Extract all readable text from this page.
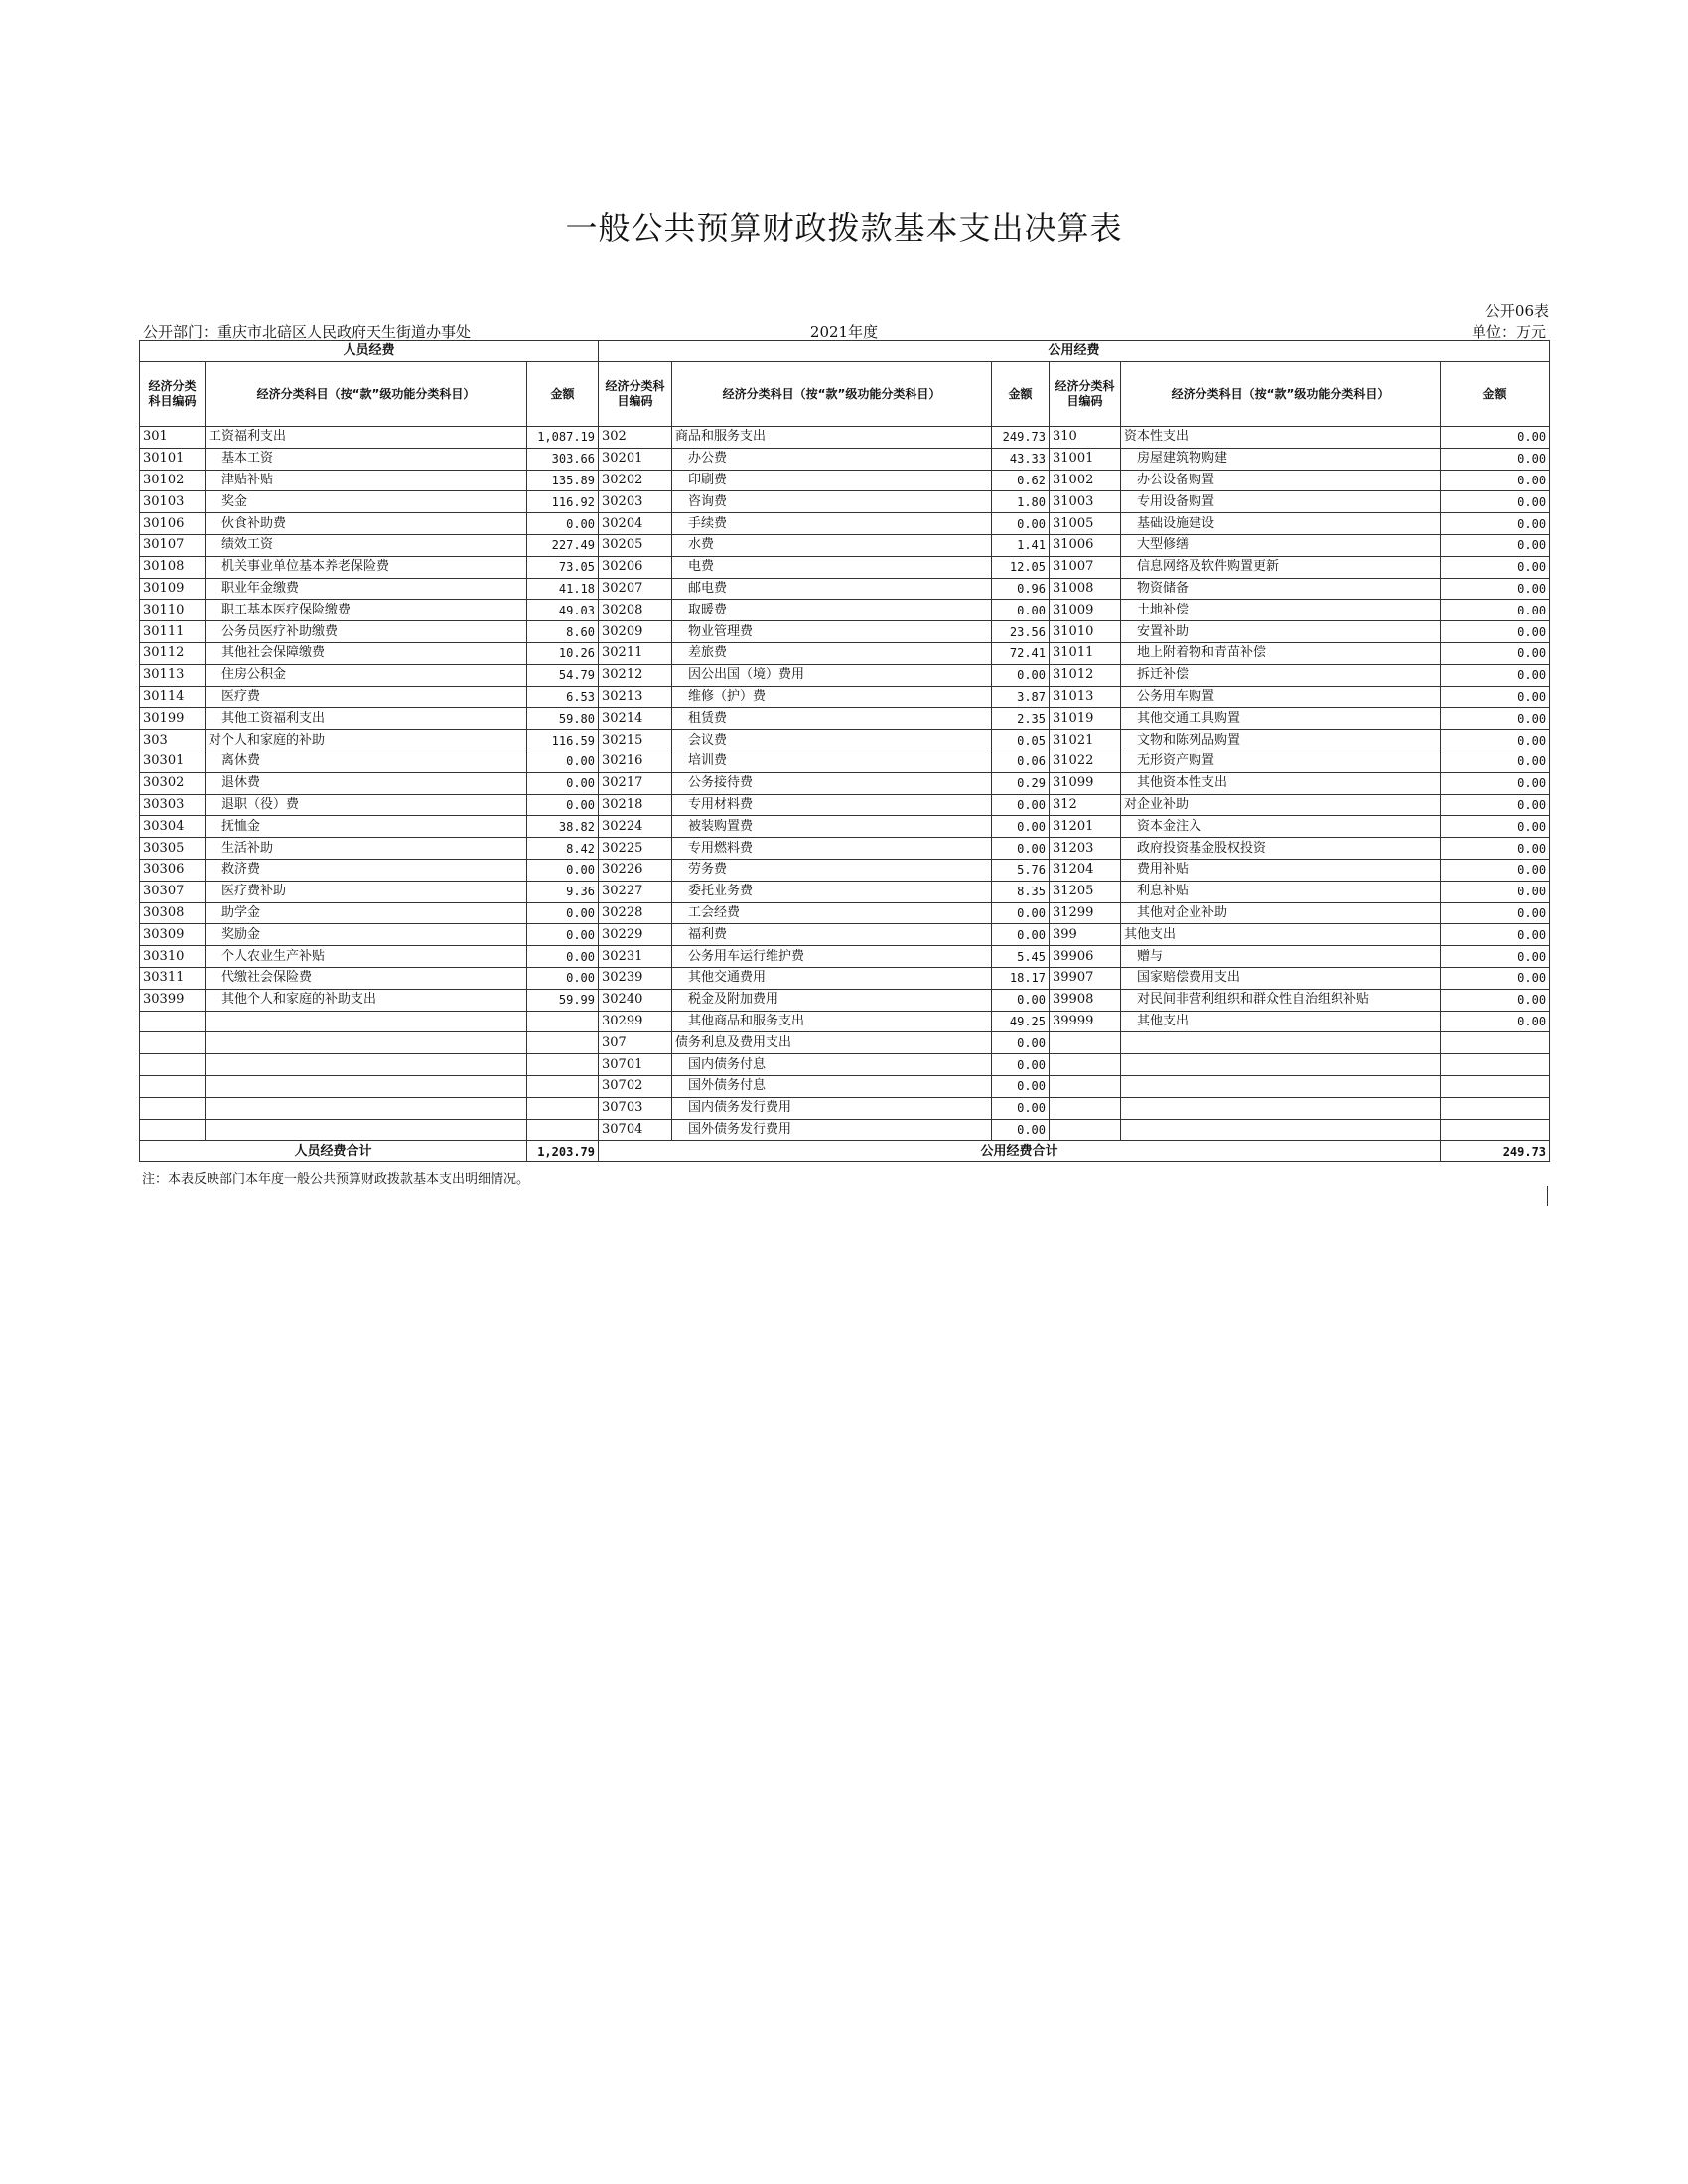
一般公共预算财政拨款基本支出决算表
公开06表
公开部门：重庆市北碚区人民政府天生街道办事处	2021年度	单位：万元
人员经费			公用经费					
经济分类科目编码	经济分类科目（按“款”级功能分类科目）	金额	经济分类科目编码	经济分类科目（按“款”级功能分类科目）	金额	经济分类科目编码	经济分类科目（按“款”级功能分类科目）	金额
301	工资福利支出	1,087.19	302	商品和服务支出	249.73	310	资本性支出	0.00
30101	基本工资	303.66	30201	办公费	43.33	31001	房屋建筑物购建	0.00
30102	津贴补贴	135.89	30202	印刷费	0.62	31002	办公设备购置	0.00
30103	奖金	116.92	30203	咨询费	1.80	31003	专用设备购置	0.00
30106	伙食补助费	0.00	30204	手续费	0.00	31005	基础设施建设	0.00
30107	绩效工资	227.49	30205	水费	1.41	31006	大型修缮	0.00
30108	机关事业单位基本养老保险费	73.05	30206	电费	12.05	31007	信息网络及软件购置更新	0.00
30109	职业年金缴费	41.18	30207	邮电费	0.96	31008	物资储备	0.00
30110	职工基本医疗保险缴费	49.03	30208	取暖费	0.00	31009	土地补偿	0.00
30111	公务员医疗补助缴费	8.60	30209	物业管理费	23.56	31010	安置补助	0.00
30112	其他社会保障缴费	10.26	30211	差旅费	72.41	31011	地上附着物和青苗补偿	0.00
30113	住房公积金	54.79	30212	因公出国（境）费用	0.00	31012	拆迁补偿	0.00
30114	医疗费	6.53	30213	维修（护）费	3.87	31013	公务用车购置	0.00
30199	其他工资福利支出	59.80	30214	租赁费	2.35	31019	其他交通工具购置	0.00
303	对个人和家庭的补助	116.59	30215	会议费	0.05	31021	文物和陈列品购置	0.00
30301	离休费	0.00	30216	培训费	0.06	31022	无形资产购置	0.00
30302	退休费	0.00	30217	公务接待费	0.29	31099	其他资本性支出	0.00
30303	退职（役）费	0.00	30218	专用材料费	0.00	312	对企业补助	0.00
30304	抚恤金	38.82	30224	被装购置费	0.00	31201	资本金注入	0.00
30305	生活补助	8.42	30225	专用燃料费	0.00	31203	政府投资基金股权投资	0.00
30306	救济费	0.00	30226	劳务费	5.76	31204	费用补贴	0.00
30307	医疗费补助	9.36	30227	委托业务费	8.35	31205	利息补贴	0.00
30308	助学金	0.00	30228	工会经费	0.00	31299	其他对企业补助	0.00
30309	奖励金	0.00	30229	福利费	0.00	399	其他支出	0.00
30310	个人农业生产补贴	0.00	30231	公务用车运行维护费	5.45	39906	赠与	0.00
30311	代缴社会保险费	0.00	30239	其他交通费用	18.17	39907	国家赔偿费用支出	0.00
30399	其他个人和家庭的补助支出	59.99	30240	税金及附加费用	0.00	39908	对民间非营利组织和群众性自治组织补贴	0.00
			30299	其他商品和服务支出	49.25	39999	其他支出	0.00
			307	债务利息及费用支出	0.00			
			30701	国内债务付息	0.00			
			30702	国外债务付息	0.00			
			30703	国内债务发行费用	0.00			
			30704	国外债务发行费用	0.00			
人员经费合计		1,203.79	公用经费合计					249.73
注：本表反映部门本年度一般公共预算财政拨款基本支出明细情况。
